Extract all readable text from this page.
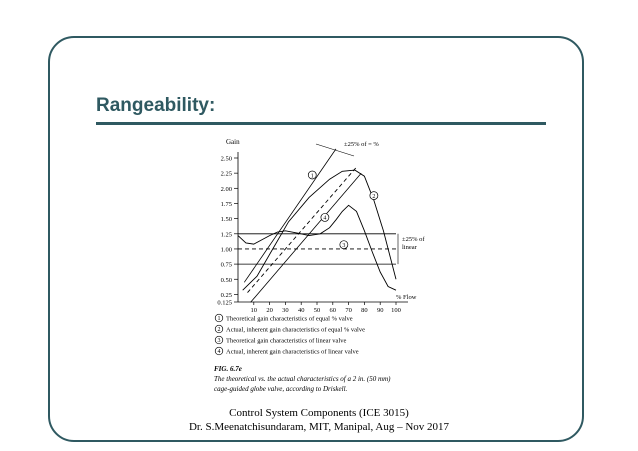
Rangeability:
2.50
2.25
2.00
1.75
1.50
1.25
1.00
0.75
0.50
0.25
0.125
10 20 30 40 50 60 70 80 90 100
1
2
3
4
1 Theoretical gain characteristics of equal % valve
2 Actual, inherent gain characteristics of equal % valve
3 Theoretical gain characteristics of linear valve
4 Actual, inherent gain characteristics of linear valve
Gain
% Flow
±25% of = %
±25% of
linear
FIG. 6.7e
The theoretical vs. the actual characteristics of a 2 in. (50 mm)
cage-guided globe valve, according to Driskell.
Control System Components (ICE 3015)
Dr. S.Meenatchisundaram, MIT, Manipal, Aug – Nov 2017
